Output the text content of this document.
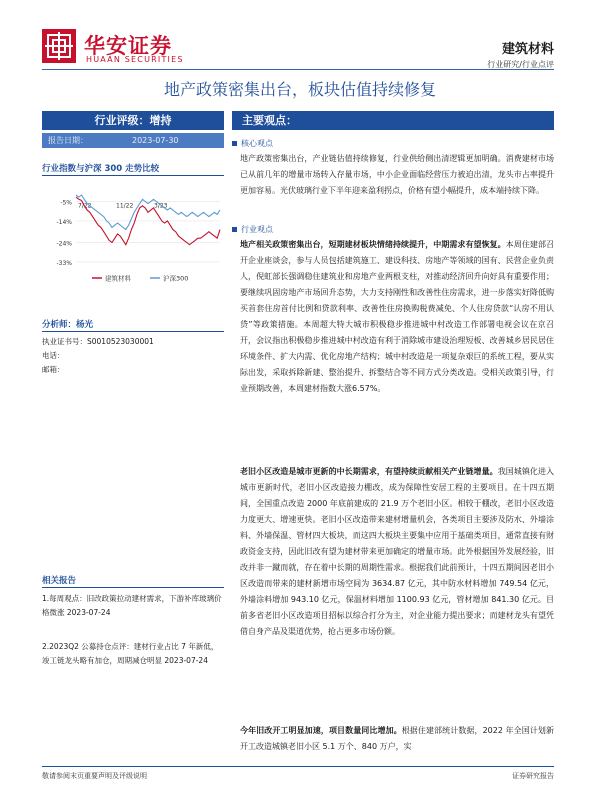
华安证券
HUAAN SECURITIES
建筑材料
行业研究/行业点评
地产政策密集出台，板块估值持续修复
行业评级：增持
报告日期：	2023-07-30
行业指数与沪深 300 走势比较
-5%
-14%
-24%
-33%
7/22	11/22	3/23
建筑材料	沪深300
分析师：杨光
执业证书号：S0010523030001
电话：
邮箱：
相关报告
1.每周观点：旧改政策拉动建材需求，下游补库玻璃价格微涨 2023-07-24
2.2023Q2 公募持仓点评：建材行业占比 7 年新低，竣工链龙头略有加仓，周期减仓明显 2023-07-24
主要观点：
核心观点
地产政策密集出台，产业链估值持续修复，行业供给侧出清逻辑更加明确。消费建材市场已从前几年的增量市场转入存量市场，中小企业面临经营压力被迫出清，龙头市占率提升更加容易。光伏玻璃行业下半年迎来盈利拐点，价格有望小幅提升，成本端持续下降。
行业观点
地产相关政策密集出台，短期建材板块情绪持续提升，中期需求有望恢复。本周住建部召开企业座谈会，参与人员包括建筑施工、建设科技、房地产等领域的国有、民营企业负责人，倪虹部长强调稳住建筑业和房地产业两根支柱，对推动经济回升向好具有重要作用；要继续巩固房地产市场回升态势，大力支持刚性和改善性住房需求，进一步落实好降低购买首套住房首付比例和贷款利率、改善性住房换购税费减免、个人住房贷款“认房不用认贷”等政策措施。本周超大特大城市积极稳步推进城中村改造工作部署电视会议在京召开，会议指出积极稳步推进城中村改造有利于消除城市建设治理短板、改善城乡居民居住环境条件、扩大内需、优化房地产结构；城中村改造是一项复杂艰巨的系统工程，要从实际出发，采取拆除新建、整治提升、拆整结合等不同方式分类改造。受相关政策引导，行业预期改善，本周建材指数大涨6.57%。
老旧小区改造是城市更新的中长期需求，有望持续贡献相关产业链增量。我国城镇化进入城市更新时代，老旧小区改造接力棚改，成为保障性安居工程的主要项目。在十四五期间，全国重点改造 2000 年底前建成的 21.9 万个老旧小区。相较于棚改，老旧小区改造力度更大、增速更快。老旧小区改造带来建材增量机会，各类项目主要涉及防水、外墙涂料、外墙保温、管材四大板块，而这四大板块主要集中应用于基础类项目，通常直接有财政资金支持，因此旧改有望为建材带来更加确定的增量市场。此外根据国外发展经验，旧改并非一蹴而就，存在着中长期的周期性需求。根据我们此前预计，十四五期间因老旧小区改造而带来的建材新增市场空间为 3634.87 亿元，其中防水材料增加 749.54 亿元，外墙涂料增加 943.10 亿元，保温材料增加 1100.93 亿元，管材增加 841.30 亿元。目前多省老旧小区改造项目招标以综合打分为主，对企业能力提出要求；而建材龙头有望凭借自身产品及渠道优势，抢占更多市场份额。
今年旧改开工明显加速，项目数量同比增加。根据住建部统计数据，2022 年全国计划新开工改造城镇老旧小区 5.1 万个、840 万户，实
敬请参阅末页重要声明及评级说明	证券研究报告
